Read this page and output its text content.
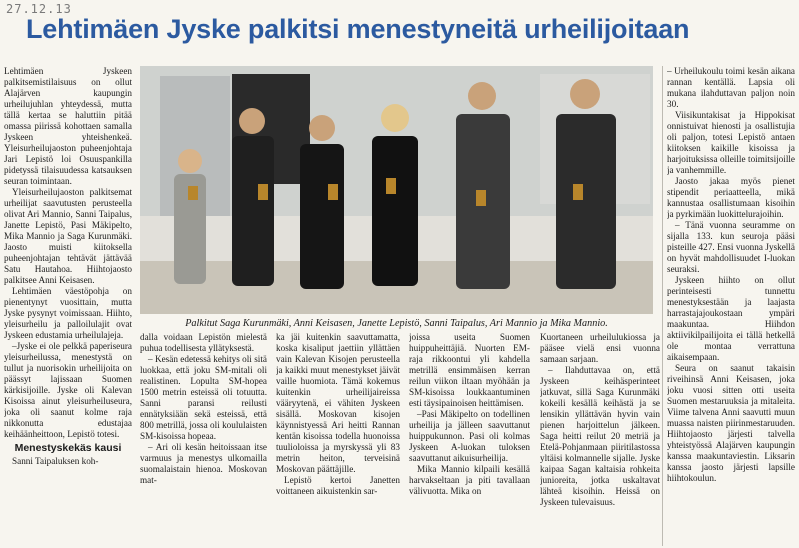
27.12.13
Lehtimäen Jyske palkitsi menestyneitä urheilijoitaan

Lehtimäen Jyskeen palkitsemistilaisuus on ollut Alajärven kaupungin urheilujuhlan yhteydessä, mutta tällä kertaa se haluttiin pitää omassa piirissä kohottaen samalla Jyskeen yhteishenkeä. Yleisurheilujaoston puheenjohtaja Jari Lepistö loi Osuuspankilla pidetyssä tilaisuudessa katsauksen seuran toimintaan.

Yleisurheilujaoston palkitsemat urheilijat saavutusten perusteella olivat Ari Mannio, Sanni Taipalus, Janette Lepistö, Pasi Mäkipelto, Mika Mannio ja Saga Kurunmäki. Jaosto muisti kiitoksella puheenjohtajan tehtävät jättävää Satu Hautahoa. Hiihtojaosto palkitsee Anni Keisasen.

Lehtimäen väestöpohja on pienentynyt vuosittain, mutta Jyske pysynyt voimissaan. Hiihto, yleisurheilu ja palloilulajit ovat Jyskeen edustamia urheilulajeja.

–Jyske ei ole pelkkä paperiseura yleisurheilussa, menestystä on tullut ja nuorisokin urheilijoita on päässyt lajissaan Suomen kärkisijoille. Jyske oli Kalevan Kisoissa ainut yleisurheiluseura, joka oli saanut kolme raja nikkonutta edustajaa keihäänheittoon, Lepistö totesi.

Menestyskekäs kausi

Sanni Taipaluksen koh-

Palkitut Saga Kurunmäki, Anni Keisasen, Janette Lepistö, Sanni Taipalus, Ari Mannio ja Mika Mannio.

dalla voidaan Lepistön mielestä puhua todellisesta yllätyksestä.

– Kesän edetessä kehitys oli sitä luokkaa, että joku SM-mitali oli realistinen. Lopulta SM-hopea 1500 metrin esteissä oli totuutta. Sanni paransi reilusti ennätyksiään sekä esteissä, että 800 metrillä, jossa oli koululaisten SM-kisoissa hopeaa.

– Ari oli kesän heitoissaan itse varmuus ja menestys ulkomailla suomalaistain hienoa. Moskovan mat-

ka jäi kuitenkin saavuttamatta, koska kisaliput jaettiin yllättäen vain Kalevan Kisojen perusteella ja kaikki muut menestykset jäivät vaille huomiota. Tämä kokemus kuitenkin urheilijaireissa vääryytenä, ei vähiten Jyskeen sisällä. Moskovan kisojen käynnistyessä Ari heitti Rannan kentän kisoissa todella huonoissa tuulioloissa ja myrskyssä yli 83 metrin heiton, terveisinä Moskovan päättäjille.

Lepistö kertoi Janetten voittaneen aikuistenkin sar-

joissa useita Suomen huippuheittäjiä. Nuorten EM-raja rikkoontui yli kahdella metrillä ensimmäisen kerran reilun viikon iltaan myöhään ja SM-kisoissa loukkaantuminen esti täysipainoisen heittämisen.

–Pasi Mäkipelto on todellinen urheilija ja jälleen saavuttanut huippukunnon. Pasi oli kolmas Jyskeen A-luokan tuloksen saavuttanut aikuisurheilija.

Mika Mannio kilpaili kesällä harvakseltaan ja piti tavallaan välivuotta. Mika on

Kuortaneen urheilulukiossa ja pääsee vielä ensi vuonna samaan sarjaan.

– Ilahduttavaa on, että Jyskeen keihäsperinteet jatkuvat, sillä Saga Kurunmäki kokeili kesällä keihästä ja se lensikin yllättävän hyvin vain pienen harjoittelun jälkeen. Saga heitti reilut 20 metriä ja Etelä-Pohjanmaan piiritilastossa yltäisi kolmannelle sijalle. Jyske kaipaa Sagan kaltaisia rohkeita junioreita, jotka uskaltavat lähteä kisoihin. Heissä on Jyskeen tulevaisuus.

– Urheilukoulu toimi kesän aikana rannan kentällä. Lapsia oli mukana ilahduttavan paljon noin 30.

Viisikuntakisat ja Hippokisat onnistuivat hienosti ja osallistujia oli paljon, totesi Lepistö antaen kiitoksen kaikille kisoissa ja harjoituksissa olleille toimitsijoille ja vanhemmille.

Jaosto jakaa myös pienet stipendit periaatteella, mikä kannustaa osallistumaan kisoihin ja pyrkimään luokittelurajoihin.

– Tänä vuonna seuramme on sijalla 133. kun seuroja pääsi pisteille 427. Ensi vuonna Jyskellä on hyvät mahdollisuudet I-luokan seuraksi.

Jyskeen hiihto on ollut perinteisesti tunnettu menestyksestään ja laajasta harrastajajoukostaan ympäri maakuntaa. Hiihdon aktiivikilpailijoita ei tällä hetkellä ole montaa verrattuna aikaisempaan.

Seura on saanut takaisin riveihinsä Anni Keisasen, joka joku vuosi sitten otti useita Suomen mestaruuksia ja mitaleita. Viime talvena Anni saavutti muun muassa naisten piirinmestaruuden. Hiihtojaosto järjesti talvella yhteistyössä Alajärven kaupungin kanssa maakuntaviestin. Liksarin kanssa jaosto järjesti lapsille hiihtokoulun.
